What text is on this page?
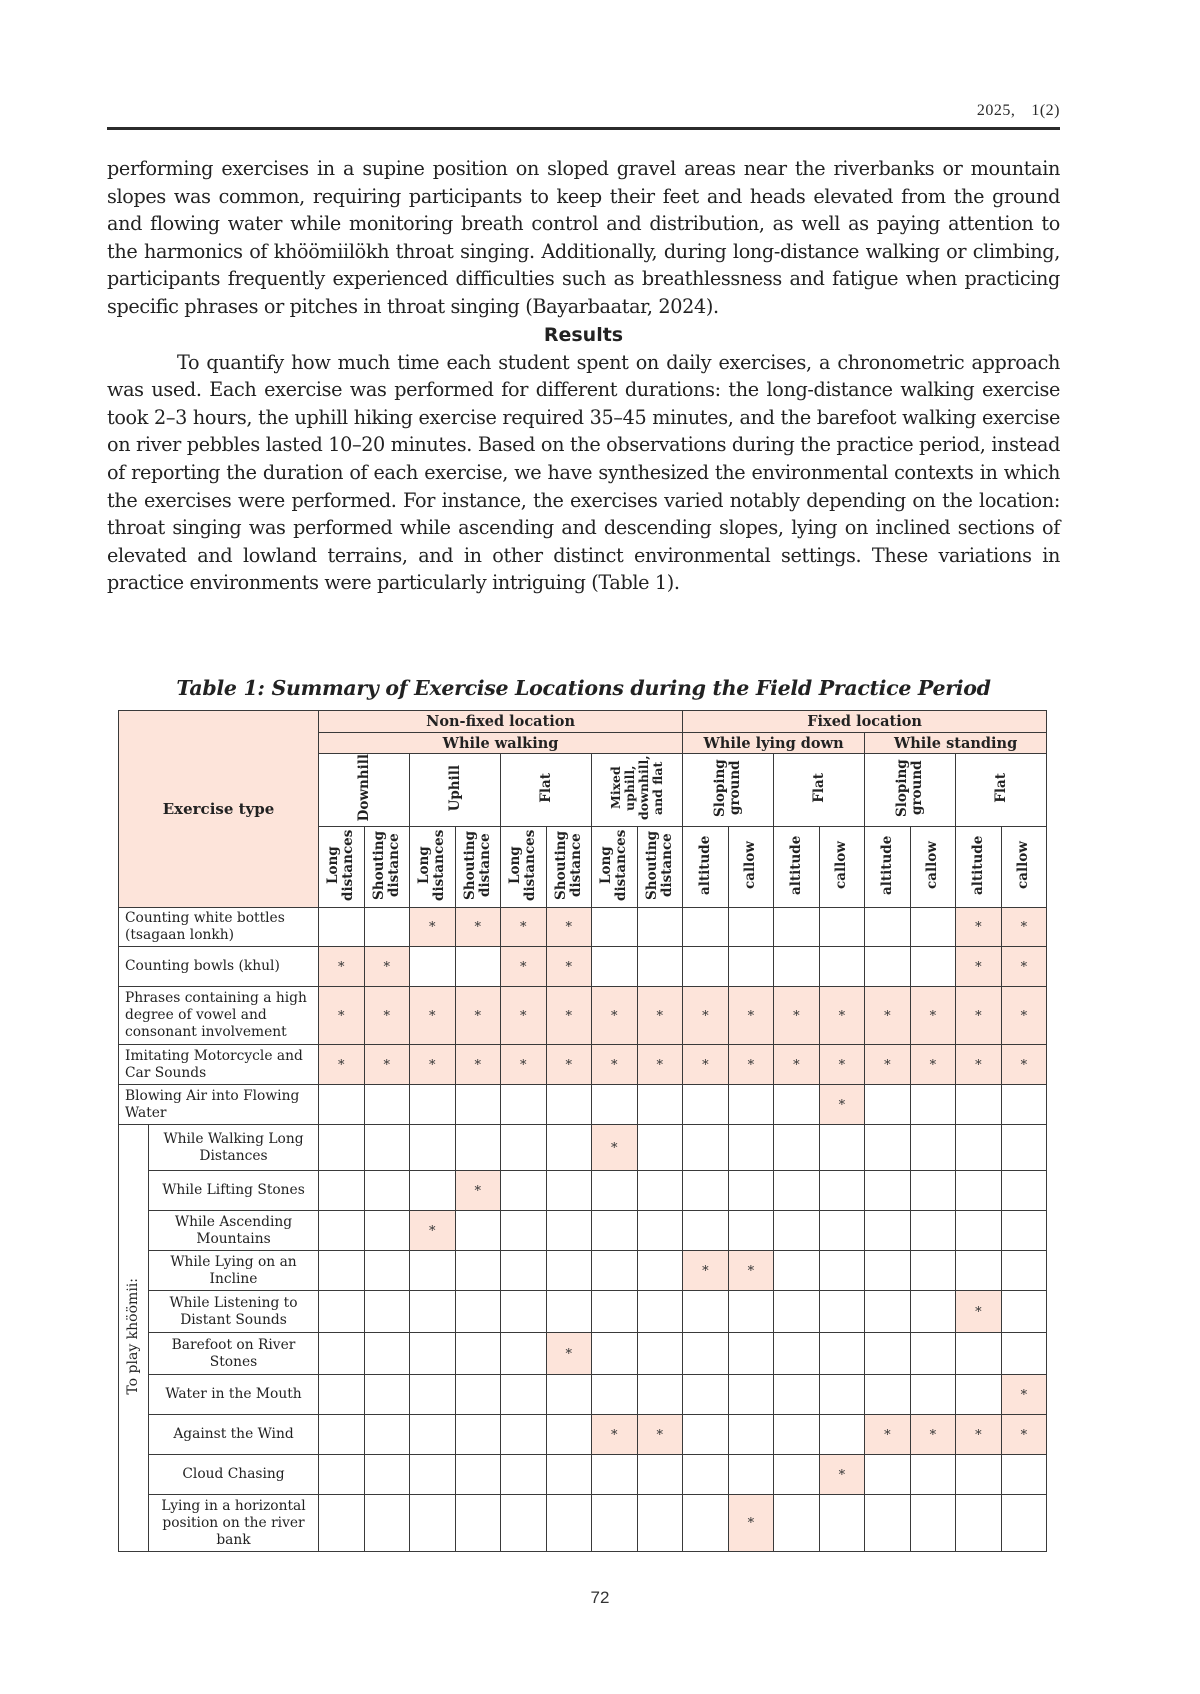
2025, 1(2)

performing exercises in a supine position on sloped gravel areas near the riverbanks or mountain slopes was common, requiring participants to keep their feet and heads elevated from the ground and flowing water while monitoring breath control and distribution, as well as paying attention to the harmonics of khöömiilökh throat singing. Additionally, during long-distance walking or climbing, participants frequently experienced difficulties such as breathlessness and fatigue when practicing specific phrases or pitches in throat singing (Bayarbaatar, 2024).

Results

To quantify how much time each student spent on daily exercises, a chronometric approach was used. Each exercise was performed for different durations: the long-distance walking exercise took 2–3 hours, the uphill hiking exercise required 35–45 minutes, and the barefoot walking exercise on river pebbles lasted 10–20 minutes. Based on the observations during the practice period, instead of reporting the duration of each exercise, we have synthesized the environmental contexts in which the exercises were performed. For instance, the exercises varied notably depending on the location: throat singing was performed while ascending and descending slopes, lying on inclined sections of elevated and lowland terrains, and in other distinct environmental settings. These variations in practice environments were particularly intriguing (Table 1).

Table 1: Summary of Exercise Locations during the Field Practice Period
Exercise type		Non-fixed location								Fixed location							
		While walking								While lying down				While standing			
		Downhill		Uphill		Flat		Mixed uphill, downhill, and flat		Sloping ground		Flat		Sloping ground		Flat	
		Long distances	Shouting distance	Long distances	Shouting distance	Long distances	Shouting distance	Long distances	Shouting distance	altitude	callow	altitude	callow	altitude	callow	altitude	callow
Counting white bottles (tsagaan lonkh)				*	*	*	*									*	*
Counting bowls (khul)		*	*			*	*									*	*
Phrases containing a high degree of vowel and consonant involvement		*	*	*	*	*	*	*	*	*	*	*	*	*	*	*	*
Imitating Motorcycle and Car Sounds		*	*	*	*	*	*	*	*	*	*	*	*	*	*	*	*
Blowing Air into Flowing Water													*				
To play khöömii:	While Walking Long Distances							*									
	While Lifting Stones				*												
	While Ascending Mountains			*													
	While Lying on an Incline									*	*						
	While Listening to Distant Sounds															*	
	Barefoot on River Stones						*										
	Water in the Mouth																*
	Against the Wind							*	*					*	*	*	*
	Cloud Chasing												*				
	Lying in a horizontal position on the river bank										*						
72
